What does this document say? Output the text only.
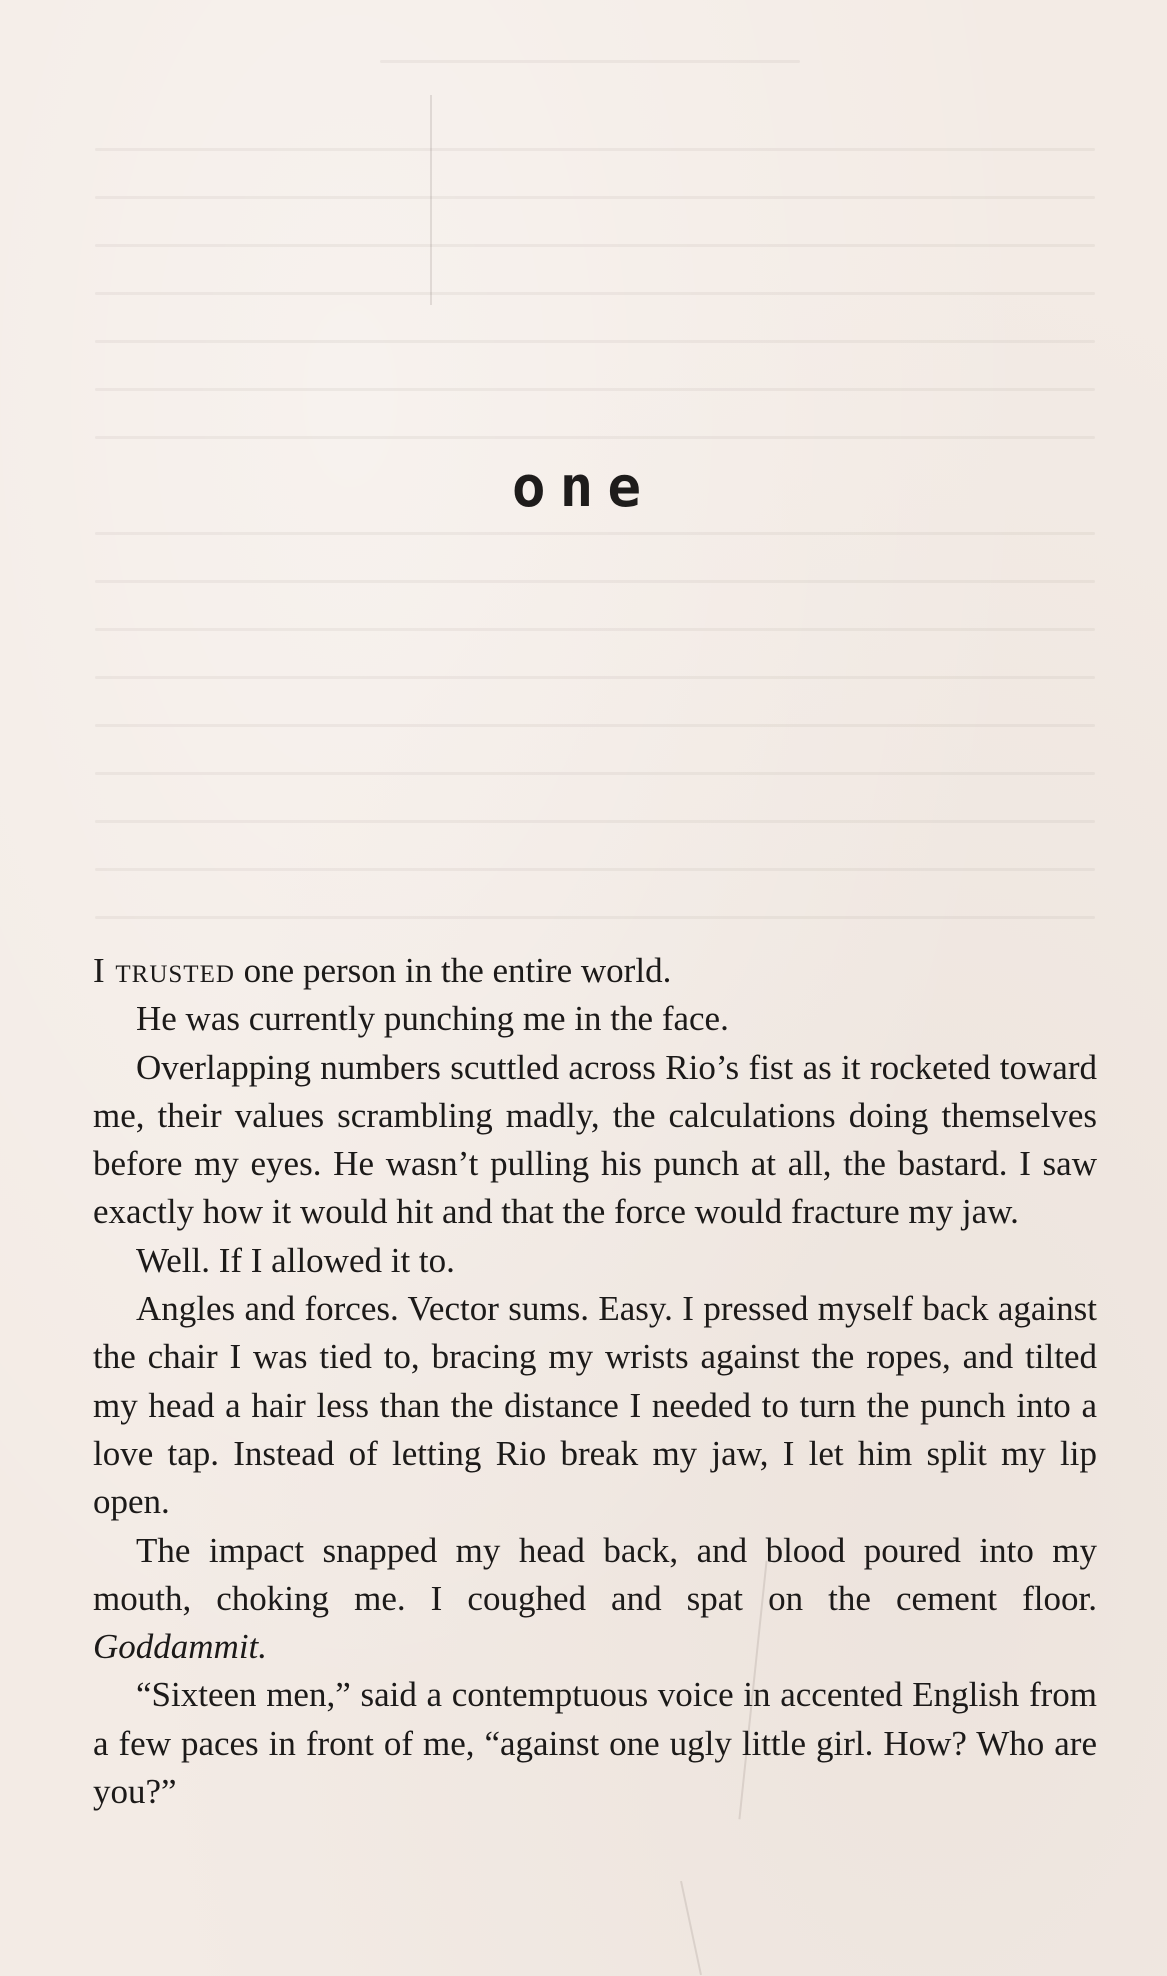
one

I trusted one person in the entire world.

He was currently punching me in the face.

Overlapping numbers scuttled across Rio’s fist as it rocketed toward me, their values scrambling madly, the calculations doing themselves before my eyes. He wasn’t pulling his punch at all, the bastard. I saw exactly how it would hit and that the force would fracture my jaw.

Well. If I allowed it to.

Angles and forces. Vector sums. Easy. I pressed myself back against the chair I was tied to, bracing my wrists against the ropes, and tilted my head a hair less than the distance I needed to turn the punch into a love tap. Instead of letting Rio break my jaw, I let him split my lip open.

The impact snapped my head back, and blood poured into my mouth, choking me. I coughed and spat on the cement floor. Goddammit.

“Sixteen men,” said a contemptuous voice in accented English from a few paces in front of me, “against one ugly little girl. How? Who are you?”
